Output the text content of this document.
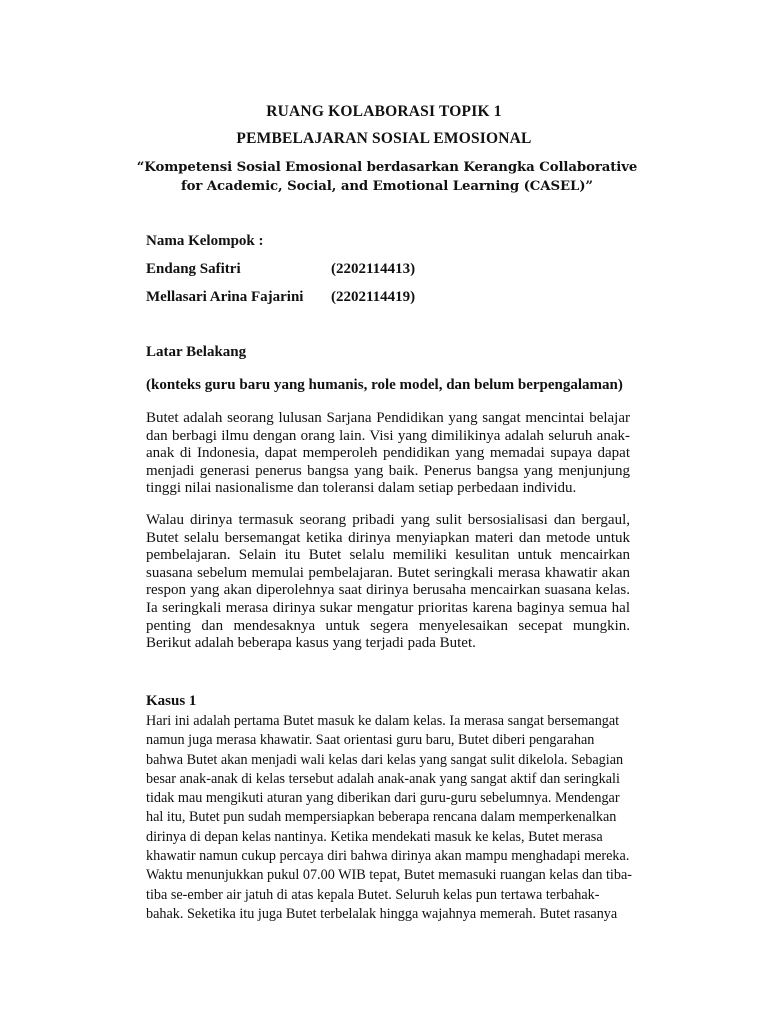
RUANG KOLABORASI TOPIK 1
PEMBELAJARAN SOSIAL EMOSIONAL
“Kompetensi Sosial Emosional berdasarkan Kerangka Collaborative for Academic, Social, and Emotional Learning (CASEL)”
Nama Kelompok :
Endang Safitri	(2202114413)
Mellasari Arina Fajarini	(2202114419)
Latar Belakang
(konteks guru baru yang humanis, role model, dan belum berpengalaman)
Butet adalah seorang lulusan Sarjana Pendidikan yang sangat mencintai belajar dan berbagi ilmu dengan orang lain. Visi yang dimilikinya adalah seluruh anak-anak di Indonesia, dapat memperoleh pendidikan yang memadai supaya dapat menjadi generasi penerus bangsa yang baik. Penerus bangsa yang menjunjung tinggi nilai nasionalisme dan toleransi dalam setiap perbedaan individu.
Walau dirinya termasuk seorang pribadi yang sulit bersosialisasi dan bergaul, Butet selalu bersemangat ketika dirinya menyiapkan materi dan metode untuk pembelajaran. Selain itu Butet selalu memiliki kesulitan untuk mencairkan suasana sebelum memulai pembelajaran. Butet seringkali merasa khawatir akan respon yang akan diperolehnya saat dirinya berusaha mencairkan suasana kelas. Ia seringkali merasa dirinya sukar mengatur prioritas karena baginya semua hal penting dan mendesaknya untuk segera menyelesaikan secepat mungkin. Berikut adalah beberapa kasus yang terjadi pada Butet.
Kasus 1
Hari ini adalah pertama Butet masuk ke dalam kelas. Ia merasa sangat bersemangat
namun juga merasa khawatir. Saat orientasi guru baru, Butet diberi pengarahan
bahwa Butet akan menjadi wali kelas dari kelas yang sangat sulit dikelola. Sebagian
besar anak-anak di kelas tersebut adalah anak-anak yang sangat aktif dan seringkali
tidak mau mengikuti aturan yang diberikan dari guru-guru sebelumnya. Mendengar
hal itu, Butet pun sudah mempersiapkan beberapa rencana dalam memperkenalkan
dirinya di depan kelas nantinya. Ketika mendekati masuk ke kelas, Butet merasa
khawatir namun cukup percaya diri bahwa dirinya akan mampu menghadapi mereka.
Waktu menunjukkan pukul 07.00 WIB tepat, Butet memasuki ruangan kelas dan tiba-
tiba se-ember air jatuh di atas kepala Butet. Seluruh kelas pun tertawa terbahak-
bahak. Seketika itu juga Butet terbelalak hingga wajahnya memerah. Butet rasanya
